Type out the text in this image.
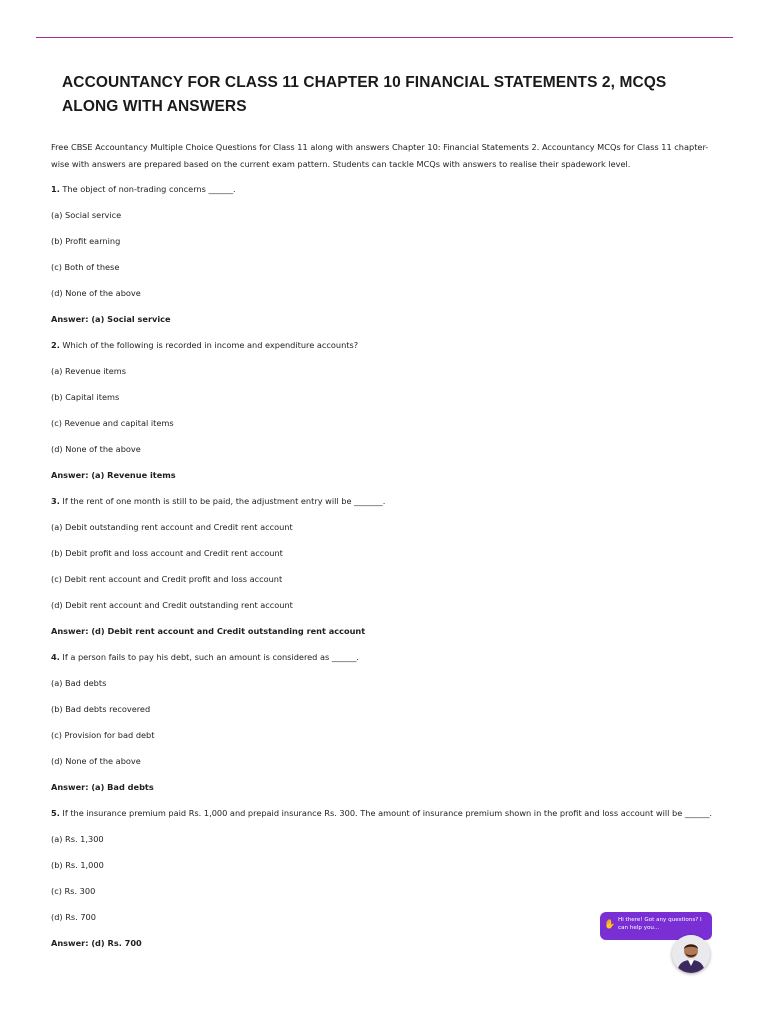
ACCOUNTANCY FOR CLASS 11 CHAPTER 10 FINANCIAL STATEMENTS 2, MCQS ALONG WITH ANSWERS

Free CBSE Accountancy Multiple Choice Questions for Class 11 along with answers Chapter 10: Financial Statements 2. Accountancy MCQs for Class 11 chapter-wise with answers are prepared based on the current exam pattern. Students can tackle MCQs with answers to realise their spadework level.

1. The object of non-trading concerns ______.

(a) Social service

(b) Profit earning

(c) Both of these

(d) None of the above

Answer: (a) Social service

2. Which of the following is recorded in income and expenditure accounts?

(a) Revenue items

(b) Capital items

(c) Revenue and capital items

(d) None of the above

Answer: (a) Revenue items

3. If the rent of one month is still to be paid, the adjustment entry will be _______.

(a) Debit outstanding rent account and Credit rent account

(b) Debit profit and loss account and Credit rent account

(c) Debit rent account and Credit profit and loss account

(d) Debit rent account and Credit outstanding rent account

Answer: (d) Debit rent account and Credit outstanding rent account

4. If a person fails to pay his debt, such an amount is considered as ______.

(a) Bad debts

(b) Bad debts recovered

(c) Provision for bad debt

(d) None of the above

Answer: (a) Bad debts

5. If the insurance premium paid Rs. 1,000 and prepaid insurance Rs. 300. The amount of insurance premium shown in the profit and loss account will be ______.

(a) Rs. 1,300

(b) Rs. 1,000

(c) Rs. 300

(d) Rs. 700

Answer: (d) Rs. 700

✋ Hi there! Got any questions? I can help you...
